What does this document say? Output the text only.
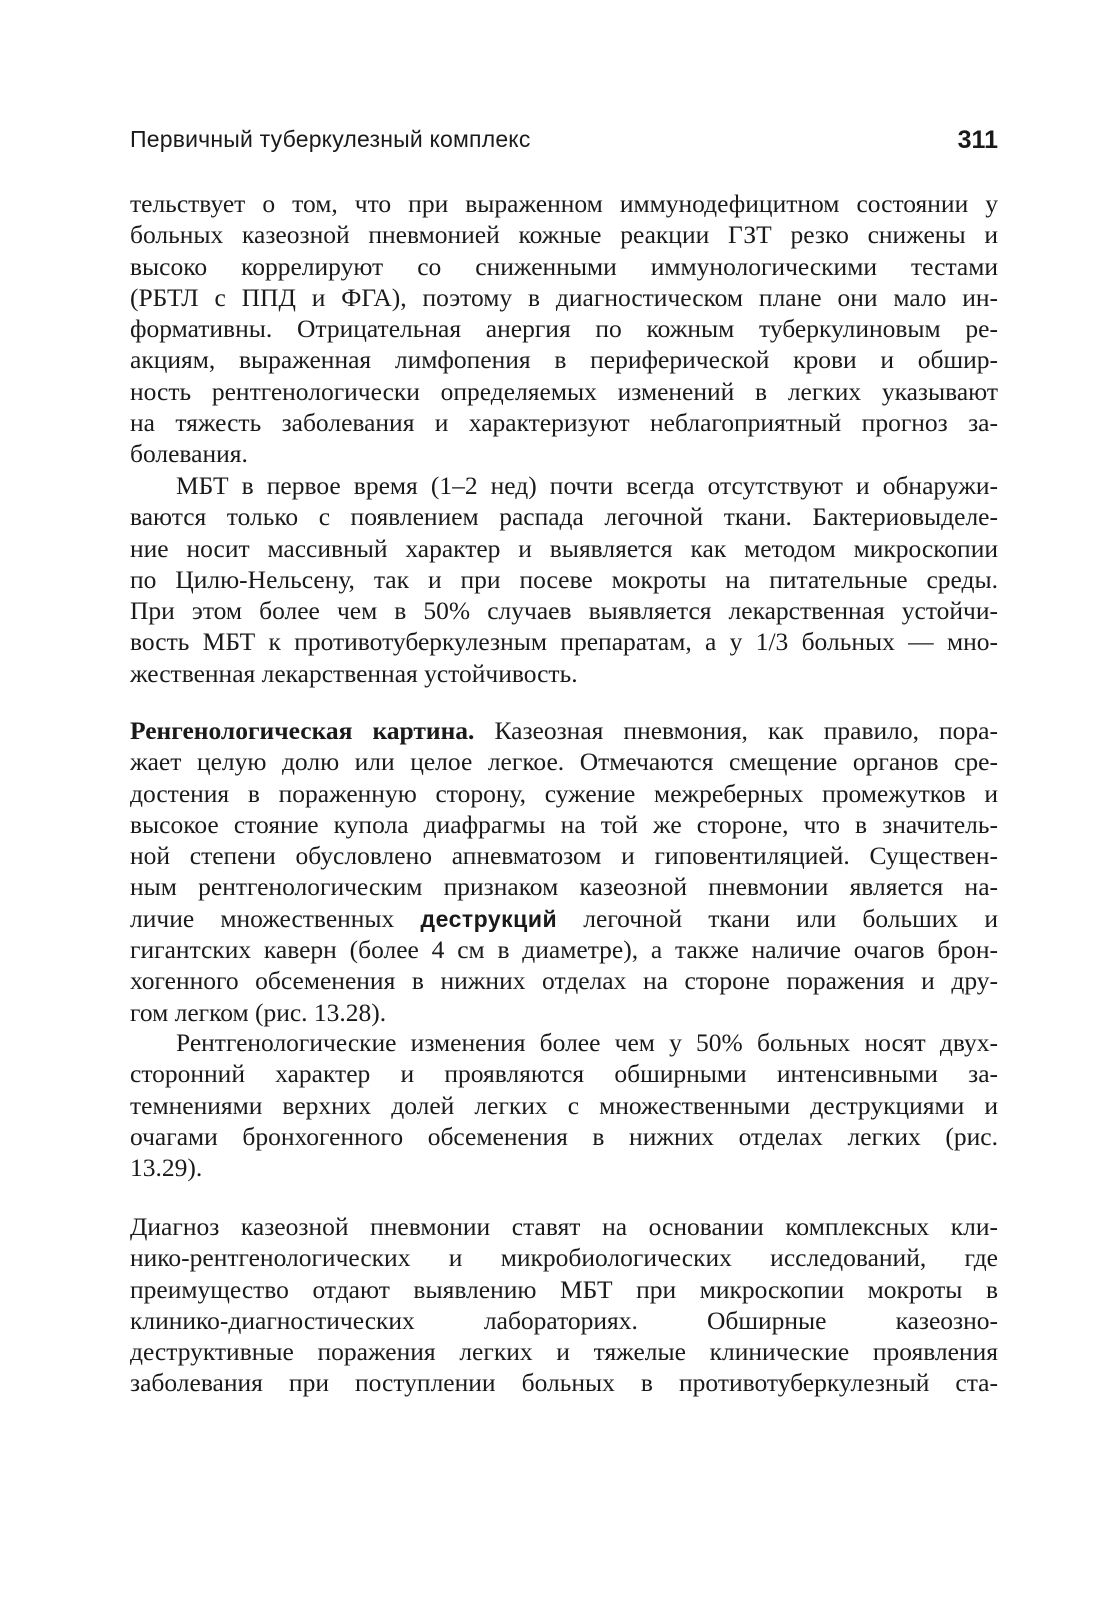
Первичный туберкулезный комплекс	311
тельствует о том, что при выраженном иммунодефицитном состоянии у
больных казеозной пневмонией кожные реакции ГЗТ резко снижены и
высоко коррелируют со сниженными иммунологическими тестами
(РБТЛ с ППД и ФГА), поэтому в диагностическом плане они мало ин-
формативны. Отрицательная анергия по кожным туберкулиновым ре-
акциям, выраженная лимфопения в периферической крови и обшир-
ность рентгенологически определяемых изменений в легких указывают
на тяжесть заболевания и характеризуют неблагоприятный прогноз за-
болевания.
МБТ в первое время (1–2 нед) почти всегда отсутствуют и обнаружи-
ваются только с появлением распада легочной ткани. Бактериовыделе-
ние носит массивный характер и выявляется как методом микроскопии
по Цилю-Нельсену, так и при посеве мокроты на питательные среды.
При этом более чем в 50% случаев выявляется лекарственная устойчи-
вость МБТ к противотуберкулезным препаратам, а у 1/3 больных — мно-
жественная лекарственная устойчивость.
Ренгенологическая картина. Казеозная пневмония, как правило, пора-
жает целую долю или целое легкое. Отмечаются смещение органов сре-
достения в пораженную сторону, сужение межреберных промежутков и
высокое стояние купола диафрагмы на той же стороне, что в значитель-
ной степени обусловлено апневматозом и гиповентиляцией. Существен-
ным рентгенологическим признаком казеозной пневмонии является на-
личие множественных деструкций легочной ткани или больших и
гигантских каверн (более 4 см в диаметре), а также наличие очагов брон-
хогенного обсеменения в нижних отделах на стороне поражения и дру-
гом легком (рис. 13.28).
Рентгенологические изменения более чем у 50% больных носят двух-
сторонний характер и проявляются обширными интенсивными за-
темнениями верхних долей легких с множественными деструкциями и
очагами бронхогенного обсеменения в нижних отделах легких (рис.
13.29).
Диагноз казеозной пневмонии ставят на основании комплексных кли-
нико-рентгенологических и микробиологических исследований, где
преимущество отдают выявлению МБТ при микроскопии мокроты в
клинико-диагностических лабораториях. Обширные казеозно-
деструктивные поражения легких и тяжелые клинические проявления
заболевания при поступлении больных в противотуберкулезный ста-
